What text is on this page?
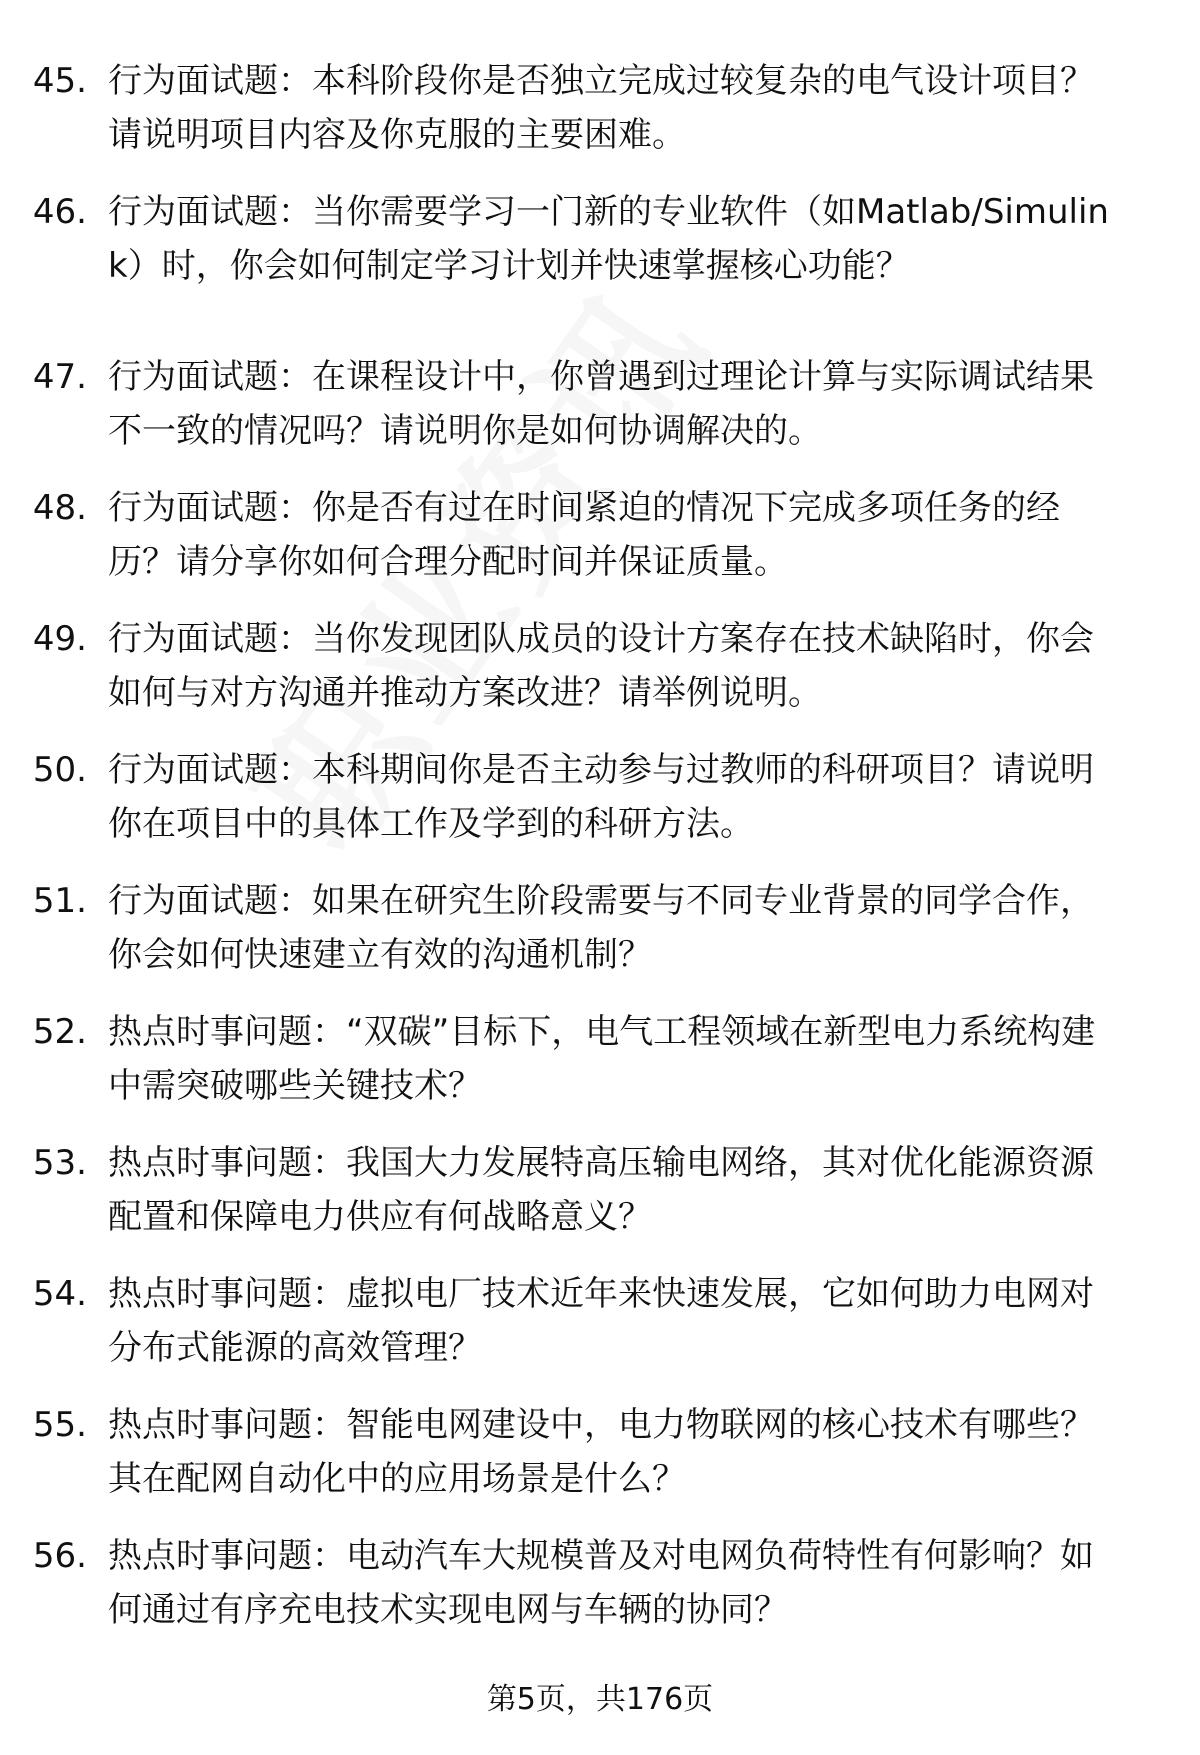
45. 行为面试题：本科阶段你是否独立完成过较复杂的电气设计项目？请说明项目内容及你克服的主要困难。
46. 行为面试题：当你需要学习一门新的专业软件（如Matlab/Simulink）时，你会如何制定学习计划并快速掌握核心功能？
47. 行为面试题：在课程设计中，你曾遇到过理论计算与实际调试结果不一致的情况吗？请说明你是如何协调解决的。
48. 行为面试题：你是否有过在时间紧迫的情况下完成多项任务的经历？请分享你如何合理分配时间并保证质量。
49. 行为面试题：当你发现团队成员的设计方案存在技术缺陷时，你会如何与对方沟通并推动方案改进？请举例说明。
50. 行为面试题：本科期间你是否主动参与过教师的科研项目？请说明你在项目中的具体工作及学到的科研方法。
51. 行为面试题：如果在研究生阶段需要与不同专业背景的同学合作，你会如何快速建立有效的沟通机制？
52. 热点时事问题：“双碳”目标下，电气工程领域在新型电力系统构建中需突破哪些关键技术？
53. 热点时事问题：我国大力发展特高压输电网络，其对优化能源资源配置和保障电力供应有何战略意义？
54. 热点时事问题：虚拟电厂技术近年来快速发展，它如何助力电网对分布式能源的高效管理？
55. 热点时事问题：智能电网建设中，电力物联网的核心技术有哪些？其在配网自动化中的应用场景是什么？
56. 热点时事问题：电动汽车大规模普及对电网负荷特性有何影响？如何通过有序充电技术实现电网与车辆的协同？
第5页，共176页
